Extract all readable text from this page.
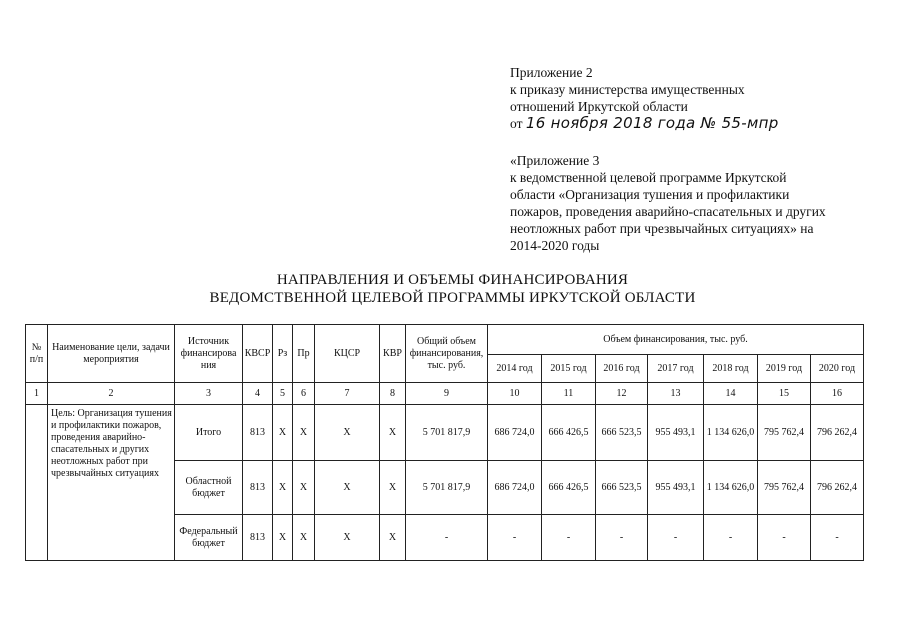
Приложение 2
к приказу министерства имущественных
отношений Иркутской области
от 16 ноября 2018 года № 55-мпр
«Приложение 3
к ведомственной целевой программе Иркутской
области «Организация тушения и профилактики
пожаров, проведения аварийно-спасательных и других
неотложных работ при чрезвычайных ситуациях» на
2014-2020 годы
НАПРАВЛЕНИЯ И ОБЪЕМЫ ФИНАНСИРОВАНИЯ
ВЕДОМСТВЕННОЙ ЦЕЛЕВОЙ ПРОГРАММЫ ИРКУТСКОЙ ОБЛАСТИ
№ п/п	Наименование цели, задачи мероприятия	Источник финансирова ния	КВСР	Рз	Пр	КЦСР	КВР	Общий объем финансирования, тыс. руб.	Объем финансирования, тыс. руб.						
									2014 год	2015 год	2016 год	2017 год	2018 год	2019 год	2020 год
1	2	3	4	5	6	7	8	9	10	11	12	13	14	15	16
	Цель: Организация тушения и профилактики пожаров, проведения аварийно-спасательных и других неотложных работ при чрезвычайных ситуациях	Итого	813	Х	Х	Х	Х	5 701 817,9	686 724,0	666 426,5	666 523,5	955 493,1	1 134 626,0	795 762,4	796 262,4
		Областной бюджет	813	Х	Х	Х	Х	5 701 817,9	686 724,0	666 426,5	666 523,5	955 493,1	1 134 626,0	795 762,4	796 262,4
		Федеральный бюджет	813	Х	Х	Х	Х	-	-	-	-	-	-	-	-
